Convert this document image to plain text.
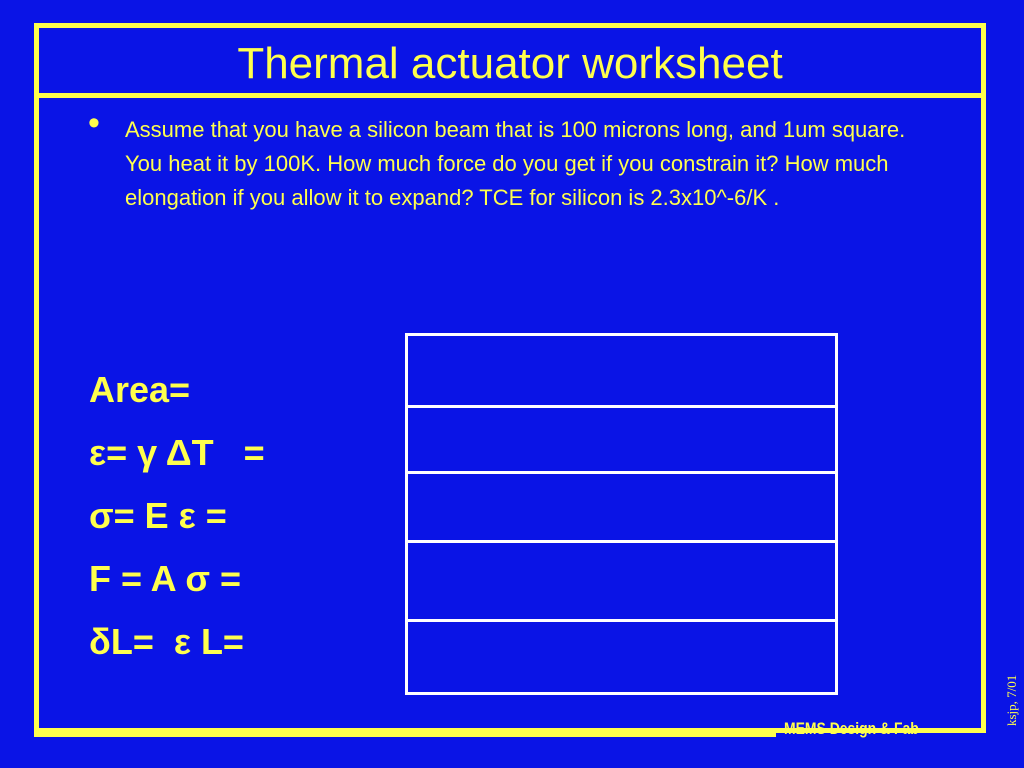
Thermal actuator worksheet
• Assume that you have a silicon beam that is 100 microns long, and 1um square. You heat it by 100K. How much force do you get if you constrain it? How much elongation if you allow it to expand? TCE for silicon is 2.3x10^-6/K .
Area=
ε= γ ΔT   =
σ= E ε =
F = A σ =
δL=  ε L=
MEMS Design & Fab
ksjp, 7/01
